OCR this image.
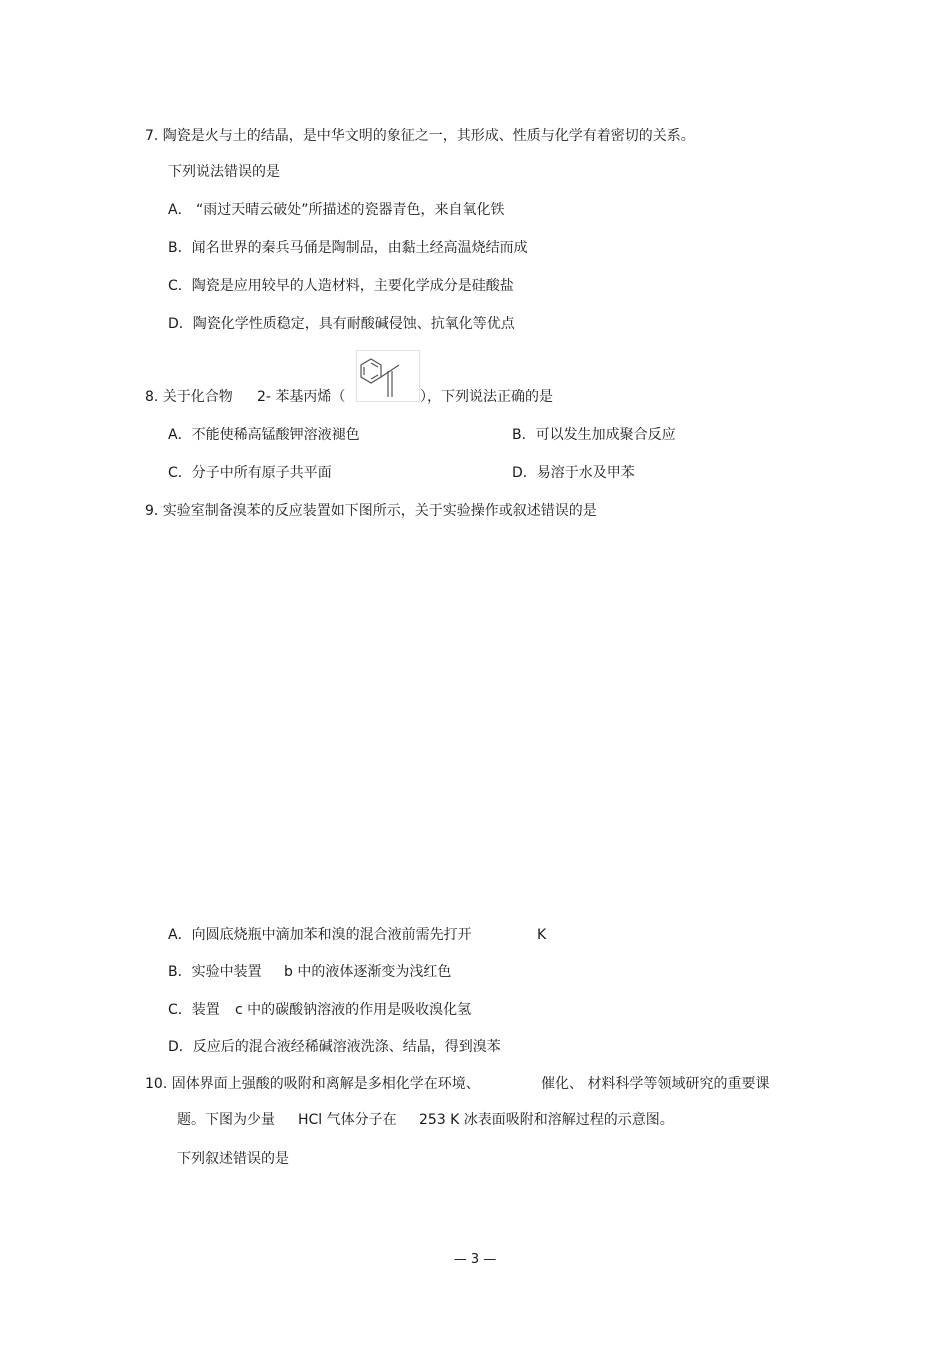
7. 陶瓷是火与土的结晶，是中华文明的象征之一，其形成、性质与化学有着密切的关系。
下列说法错误的是
A． “雨过天晴云破处”所描述的瓷器青色，来自氧化铁
B．闻名世界的秦兵马俑是陶制品，由黏土经高温烧结而成
C．陶瓷是应用较早的人造材料，主要化学成分是硅酸盐
D．陶瓷化学性质稳定，具有耐酸碱侵蚀、抗氧化等优点
8. 关于化合物 2- 苯基丙烯（	），下列说法正确的是
A．不能使稀高锰酸钾溶液褪色	B．可以发生加成聚合反应
C．分子中所有原子共平面	D．易溶于水及甲苯
9. 实验室制备溴苯的反应装置如下图所示，关于实验操作或叙述错误的是
A．向圆底烧瓶中滴加苯和溴的混合液前需先打开	K
B．实验中装置 b 中的液体逐渐变为浅红色
C．装置 c 中的碳酸钠溶液的作用是吸收溴化氢
D．反应后的混合液经稀碱溶液洗涤、结晶，得到溴苯
10. 固体界面上强酸的吸附和离解是多相化学在环境、	催化、 材料科学等领域研究的重要课
题。下图为少量 HCl 气体分子在 253 K 冰表面吸附和溶解过程的示意图。
下列叙述错误的是
— 3 —
